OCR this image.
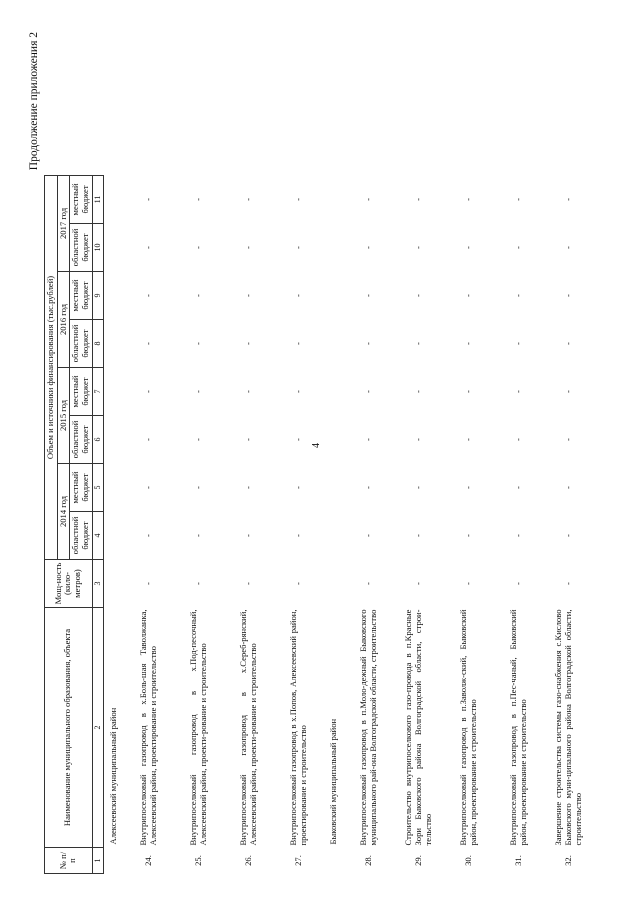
4
Продолжение приложения 2
№ п/п	Наименование муниципального образования, объекта	Мощ-ность (кило-метров)	Объем и источники финансирования (тыс.рублей)								
			2014 год		2015 год		2016 год		2017 год		
			областной бюджет	местный бюджет	областной бюджет	местный бюджет	областной бюджет	местный бюджет	областной бюджет	местный бюджет	
1	2	3	4	5	6	7	8	9	10	11	
	Алексеевский муниципальный район										
24.	Внутрипоселковый газопровод в х.Боль-шая Таволжанка, Алексеевский район, проектирование и строительство	-	-	-	-	-	-	-	-	-	
25.	Внутрипоселковый газопровод в х.Под-песочный, Алексеевский район, проекти-рование и строительство	-	-	-	-	-	-	-	-	-	
26.	Внутрипоселковый газопровод в х.Сереб-рянский, Алексеевский район, проекти-рование и строительство	-	-	-	-	-	-	-	-	-	
27.	Внутрипоселковый газопровод в х.Попов, Алексеевский район, проектирование и строительство	-	-	-	-	-	-	-	-	-	
	Быковский муниципальный район										
28.	Внутрипоселковый газопровод в п.Моло-дежный Быковского муниципального рай-она Волгоградской области, строительство	-	-	-	-	-	-	-	-	-	
29.	Строительство внутрипоселкового газо-провода в п.Красные Зори Быковского района Волгоградской области, строи-тельство	-	-	-	-	-	-	-	-	-	
30.	Внутрипоселковый газопровод в п.Заволж-ский, Быковский район, проектирование и строительство	-	-	-	-	-	-	-	-	-	
31.	Внутрипоселковый газопровод в п.Пес-чаный, Быковский район, проектирование и строительство	-	-	-	-	-	-	-	-	-	
32.	Завершение строительства системы газо-снабжения с.Кислово Быковского муни-ципального района Волгоградской области, строительство	-	-	-	-	-	-	-	-	-	
